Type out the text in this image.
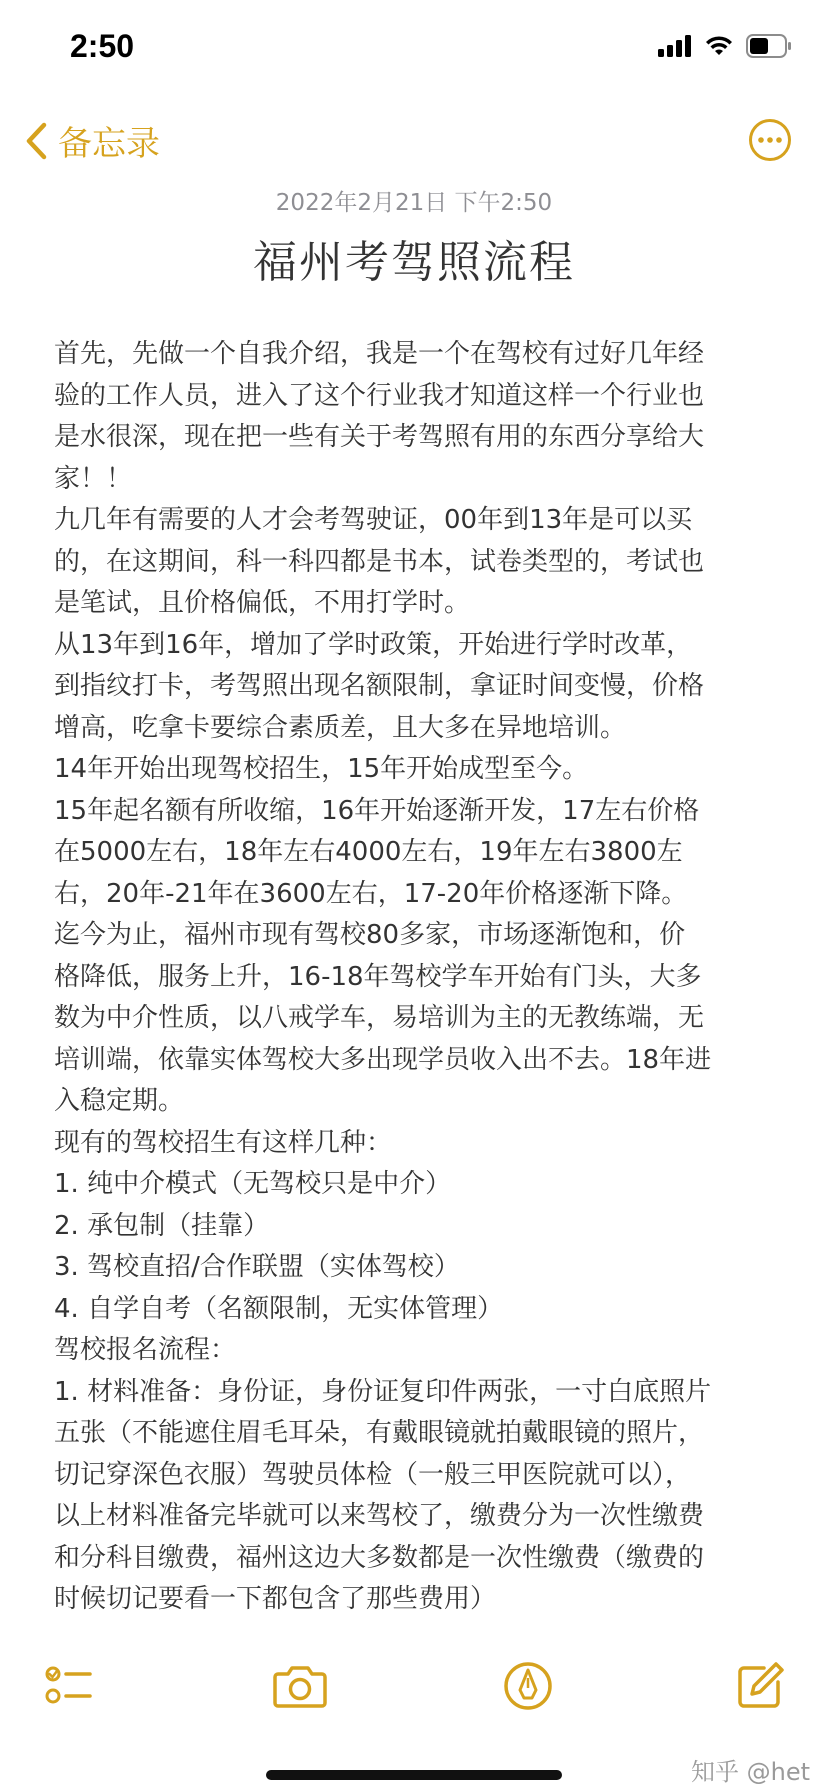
2:50
备忘录
2022年2月21日 下午2:50
福州考驾照流程
首先，先做一个自我介绍，我是一个在驾校有过好几年经
验的工作人员，进入了这个行业我才知道这样一个行业也
是水很深，现在把一些有关于考驾照有用的东西分享给大
家！！
九几年有需要的人才会考驾驶证，00年到13年是可以买
的，在这期间，科一科四都是书本，试卷类型的，考试也
是笔试，且价格偏低，不用打学时。
从13年到16年，增加了学时政策，开始进行学时改革，
到指纹打卡，考驾照出现名额限制，拿证时间变慢，价格
增高，吃拿卡要综合素质差，且大多在异地培训。
14年开始出现驾校招生，15年开始成型至今。
15年起名额有所收缩，16年开始逐渐开发，17左右价格
在5000左右，18年左右4000左右，19年左右3800左
右，20年-21年在3600左右，17-20年价格逐渐下降。
迄今为止，福州市现有驾校80多家，市场逐渐饱和，价
格降低，服务上升，16-18年驾校学车开始有门头，大多
数为中介性质，以八戒学车，易培训为主的无教练端，无
培训端，依靠实体驾校大多出现学员收入出不去。18年进
入稳定期。
现有的驾校招生有这样几种：
1. 纯中介模式（无驾校只是中介）
2. 承包制（挂靠）
3. 驾校直招/合作联盟（实体驾校）
4. 自学自考（名额限制，无实体管理）
驾校报名流程：
1. 材料准备：身份证，身份证复印件两张，一寸白底照片
五张（不能遮住眉毛耳朵，有戴眼镜就拍戴眼镜的照片，
切记穿深色衣服）驾驶员体检（一般三甲医院就可以），
以上材料准备完毕就可以来驾校了，缴费分为一次性缴费
和分科目缴费，福州这边大多数都是一次性缴费（缴费的
时候切记要看一下都包含了那些费用）
知乎 @het
